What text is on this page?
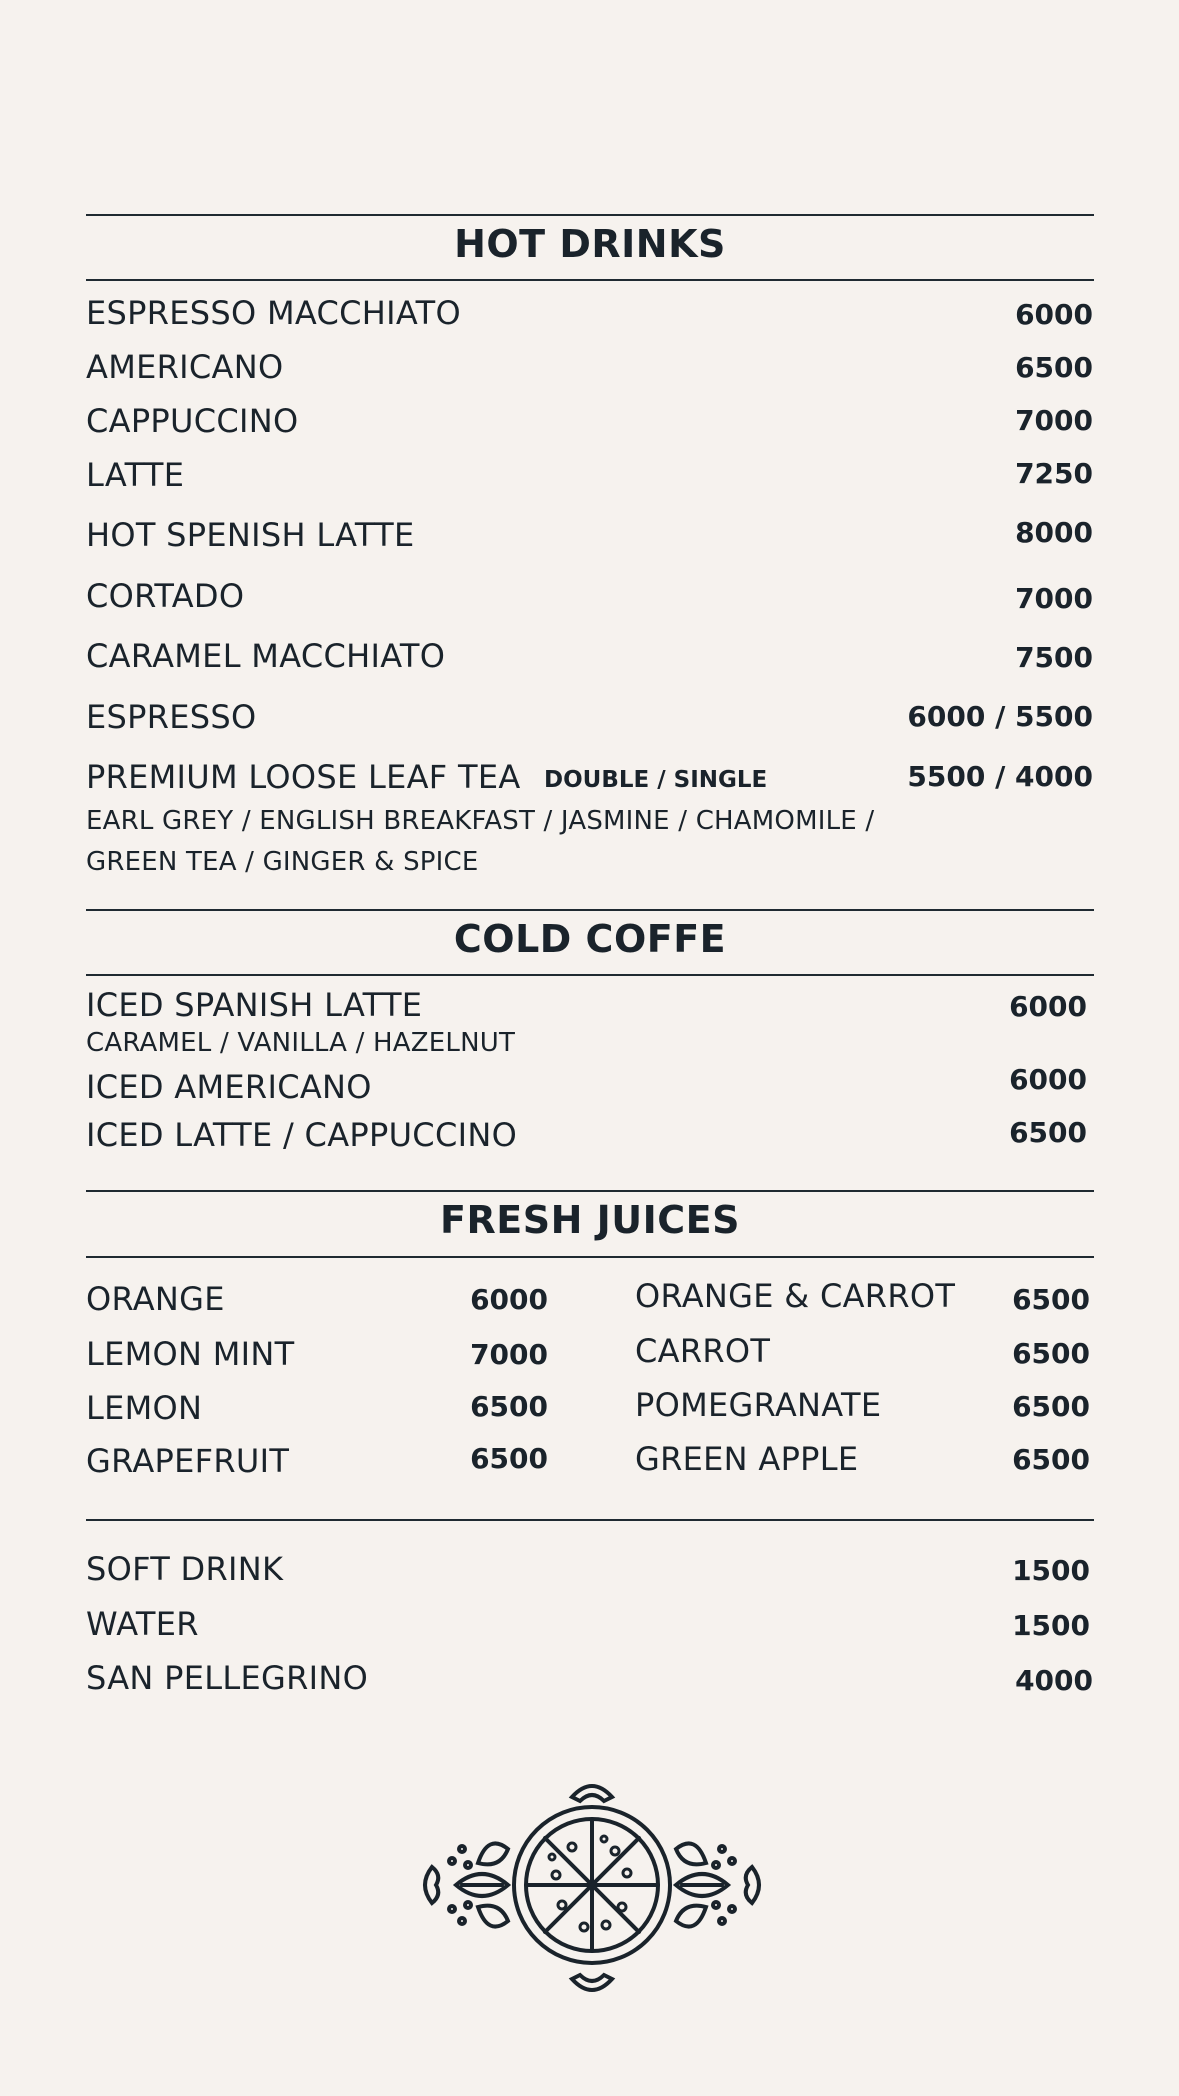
HOT DRINKS
ESPRESSO MACCHIATO	6000
AMERICANO	6500
CAPPUCCINO	7000
LATTE	7250
HOT SPENISH LATTE	8000
CORTADO	7000
CARAMEL MACCHIATO	7500
ESPRESSO	6000 / 5500
PREMIUM LOOSE LEAF TEA DOUBLE / SINGLE	5500 / 4000
EARL GREY / ENGLISH BREAKFAST / JASMINE / CHAMOMILE /
GREEN TEA / GINGER & SPICE
COLD COFFE
ICED SPANISH LATTE	6000
CARAMEL / VANILLA / HAZELNUT
ICED AMERICANO	6000
ICED LATTE / CAPPUCCINO	6500
FRESH JUICES
ORANGE	6000
LEMON MINT	7000
LEMON	6500
GRAPEFRUIT	6500
ORANGE & CARROT 6500
CARROT	6500
POMEGRANATE	6500
GREEN APPLE	6500
SOFT DRINK	1500
WATER	1500
SAN PELLEGRINO	4000
